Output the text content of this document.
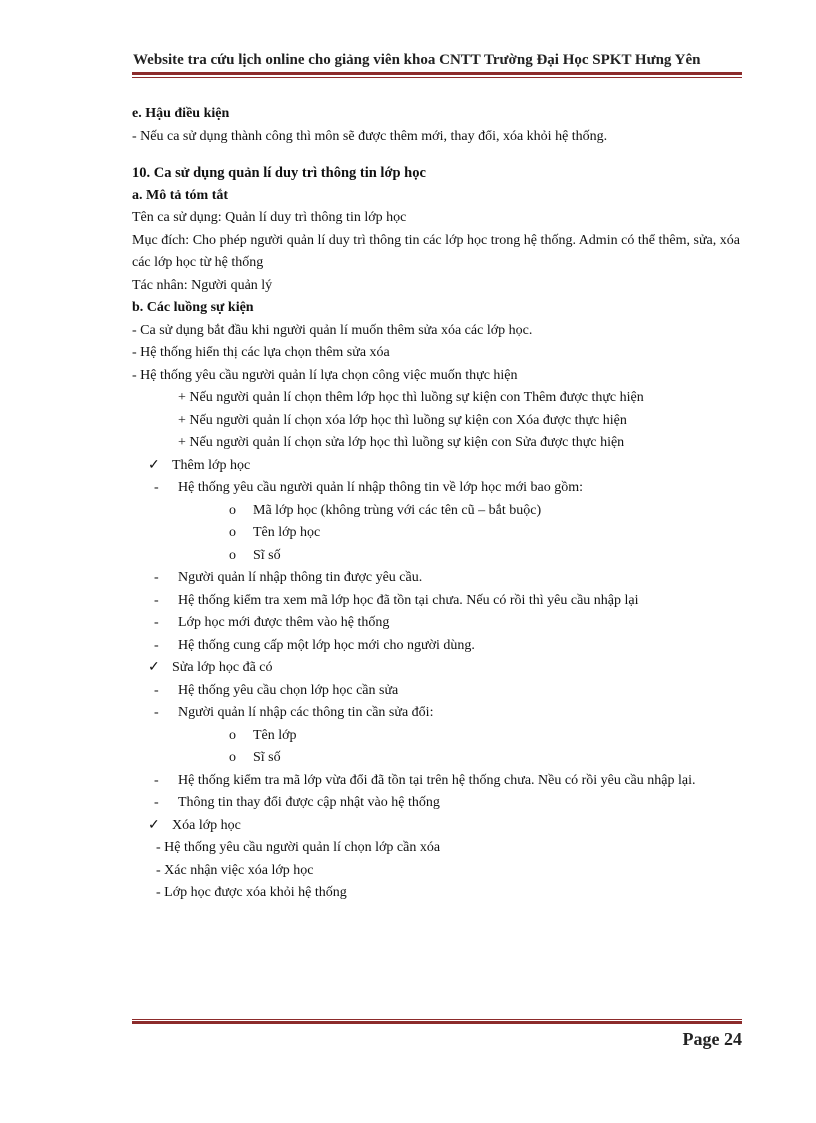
Website tra cứu lịch online cho giảng viên khoa CNTT Trường Đại Học SPKT Hưng Yên
e. Hậu điều kiện
- Nếu ca sử dụng thành công thì môn sẽ được thêm mới, thay đổi, xóa khỏi hệ thống.
10. Ca sử dụng quản lí duy trì thông tin lớp học
a. Mô tả tóm tắt
Tên ca sử dụng: Quản lí duy trì thông tin lớp học
Mục đích: Cho phép người quản lí duy trì thông tin các lớp học trong hệ thống. Admin có thể thêm, sửa, xóa các lớp học từ hệ thống
Tác nhân: Người quản lý
b. Các luồng sự kiện
- Ca sử dụng bắt đầu khi người quản lí muốn thêm sửa xóa các lớp học.
- Hệ thống hiển thị các lựa chọn thêm sửa xóa
- Hệ thống yêu cầu người quản lí lựa chọn công việc muốn thực hiện
+ Nếu người quản lí chọn thêm lớp học thì luồng sự kiện con Thêm được thực hiện
+ Nếu người quản lí chọn xóa lớp học thì luồng sự kiện con Xóa được thực hiện
+ Nếu người quản lí chọn sửa lớp học thì luồng sự kiện con Sửa được thực hiện
✓ Thêm lớp học
- Hệ thống yêu cầu người quản lí nhập thông tin về lớp học mới bao gồm:
o Mã lớp học (không trùng với các tên cũ – bắt buộc)
o Tên lớp học
o Sĩ số
- Người quản lí nhập thông tin được yêu cầu.
- Hệ thống kiểm tra xem mã lớp học đã tồn tại chưa. Nếu có rồi thì yêu cầu nhập lại
- Lớp học mới được thêm vào hệ thống
- Hệ thống cung cấp một lớp học mới cho người dùng.
✓ Sửa lớp học đã có
- Hệ thống yêu cầu chọn lớp học cần sửa
- Người quản lí nhập các thông tin cần sửa đổi:
o Tên lớp
o Sĩ số
-	Hệ thống kiểm tra mã lớp vừa đổi đã tồn tại trên hệ thống chưa. Nều có rồi yêu cầu nhập lại.
- Thông tin thay đổi được cập nhật vào hệ thống
✓ Xóa lớp học
- Hệ thống yêu cầu người quản lí chọn lớp cần xóa
- Xác nhận việc xóa lớp học
- Lớp học được xóa khỏi hệ thống
Page 24
